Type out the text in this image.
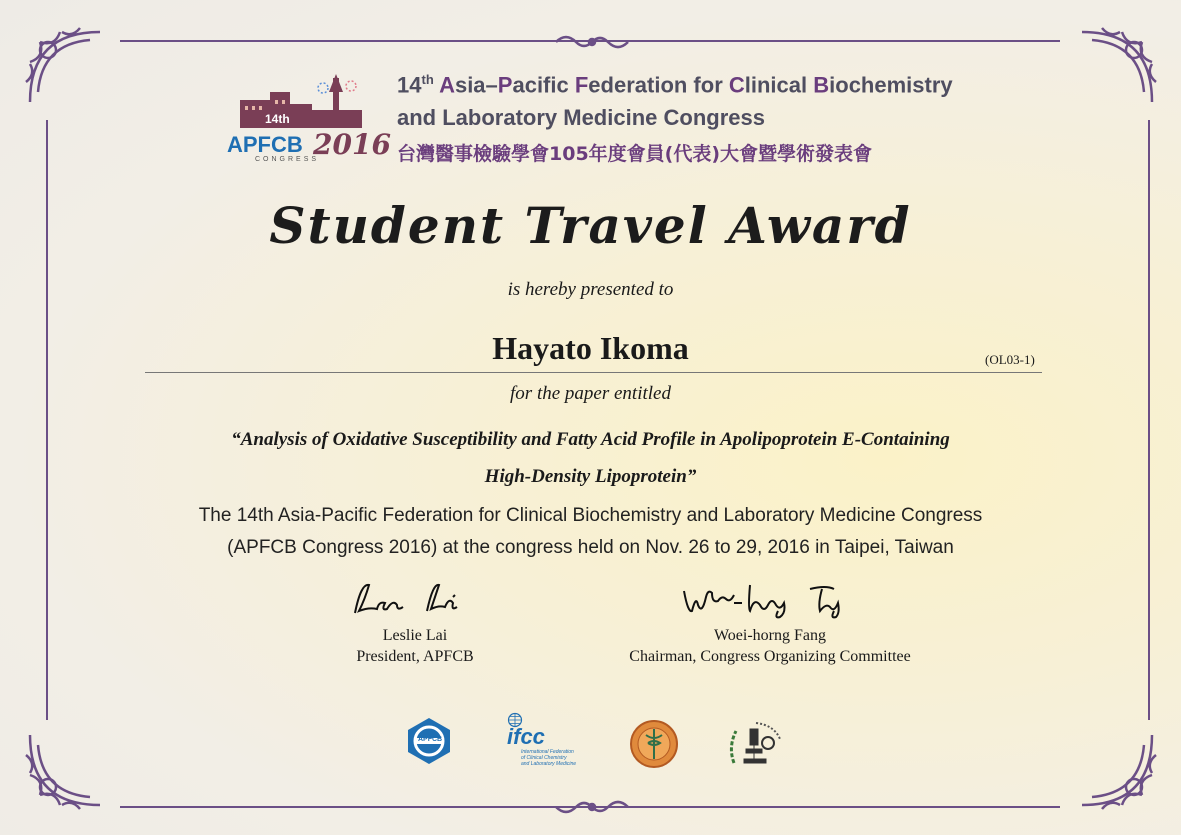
14th
APFCB 2016
CONGRESS
14th Asia–Pacific Federation for Clinical Biochemistry
and Laboratory Medicine Congress
台灣醫事檢驗學會105年度會員(代表)大會暨學術發表會
Student Travel Award
is hereby presented to
Hayato Ikoma	(OL03-1)
for the paper entitled
“Analysis of Oxidative Susceptibility and Fatty Acid Profile in Apolipoprotein E-Containing
High-Density Lipoprotein”
The 14th Asia-Pacific Federation for Clinical Biochemistry and Laboratory Medicine Congress
(APFCB Congress 2016) at the congress held on Nov. 26 to 29, 2016 in Taipei, Taiwan
Leslie Lai
President, APFCB
Woei-horng Fang
Chairman, Congress Organizing Committee
APFCB	ifcc
International Federation
of Clinical Chemistry
and Laboratory Medicine
